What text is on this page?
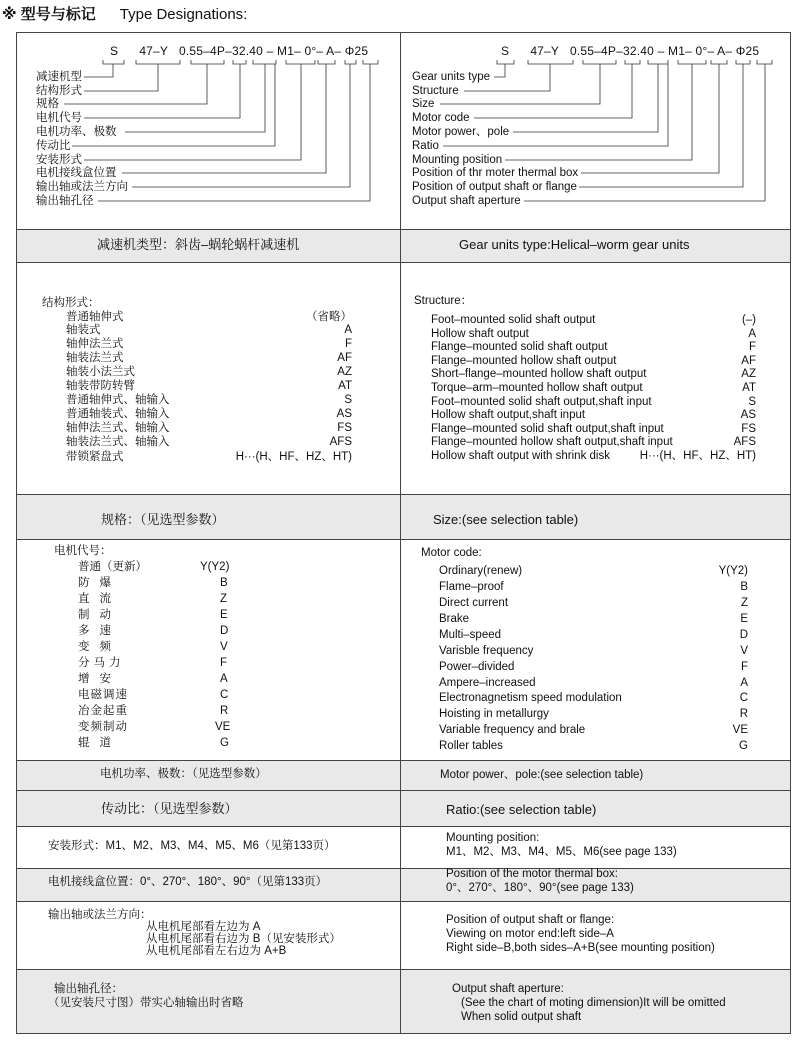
※ 型号与标记 Type Designations:
S 47–Y 0.55–4P–32.40 – M1– 0°– A– Φ25	S 47–Y 0.55–4P–32.40 – M1– 0°– A– Φ25
减速机型
结构形式
规格
电机代号
电机功率、极数
传动比
安装形式
电机接线盒位置
输出轴或法兰方向
输出轴孔径
Gear units type
Structure
Size
Motor code
Motor power、pole
Ratio
Mounting position
Position of thr moter thermal box
Position of output shaft or flange
Output shaft aperture
减速机类型：斜齿–蜗轮蜗杆减速机	Gear units type:Helical–worm gear units
结构形式：
普通轴伸式	（省略）
轴装式	A
轴伸法兰式	F
轴装法兰式	AF
轴装小法兰式	AZ
轴装带防转臂	AT
普通轴伸式、轴输入	S
普通轴装式、轴输入	AS
轴伸法兰式、轴输入	FS
轴装法兰式、轴输入	AFS
带锁紧盘式	H···(H、HF、HZ、HT)
Structure：
Foot–mounted solid shaft output	(–)
Hollow shaft output	A
Flange–mounted solid shaft output	F
Flange–mounted hollow shaft output	AF
Short–flange–mounted hollow shaft output	AZ
Torque–arm–mounted hollow shaft output	AT
Foot–mounted solid shaft output,shaft input	S
Hollow shaft output,shaft input	AS
Flange–mounted solid shaft output,shaft input	FS
Flange–mounted hollow shaft output,shaft input	AFS
Hollow shaft output with shrink disk	H···(H、HF、HZ、HT)
规格：（见选型参数）	Size:(see selection table)
电机代号：
普通（更新）	Y(Y2)
防爆	B
直流	Z
制动	E
多速	D
变频	V
分马力	F
增安	A
电磁调速	C
冶金起重	R
变频制动	VE
辊道	G
Motor code:
Ordinary(renew)	Y(Y2)
Flame–proof	B
Direct current	Z
Brake	E
Multi–speed	D
Varisble frequency	V
Power–divided	F
Ampere–increased	A
Electronagnetism speed modulation	C
Hoisting in metallurgy	R
Variable frequency and brale	VE
Roller tables	G
电机功率、极数：（见选型参数）	Motor power、pole:(see selection table)
传动比：（见选型参数）	Ratio:(see selection table)
安装形式：M1、M2、M3、M4、M5、M6（见第133页）
Mounting position:
M1、M2、M3、M4、M5、M6(see page 133)
电机接线盒位置：0°、270°、180°、90°（见第133页）
Position of the motor thermal box:
0°、270°、180°、90°(see page 133)
输出轴或法兰方向：
从电机尾部看左边为 A
从电机尾部看右边为 B（见安装形式）
从电机尾部看左右边为 A+B
Position of output shaft or flange:
Viewing on motor end:left side–A
Right side–B,both sides–A+B(see mounting position)
输出轴孔径：
（见安装尺寸图）带实心轴输出时省略
Output shaft aperture:
(See the chart of moting dimension)It will be omitted
When solid output shaft
